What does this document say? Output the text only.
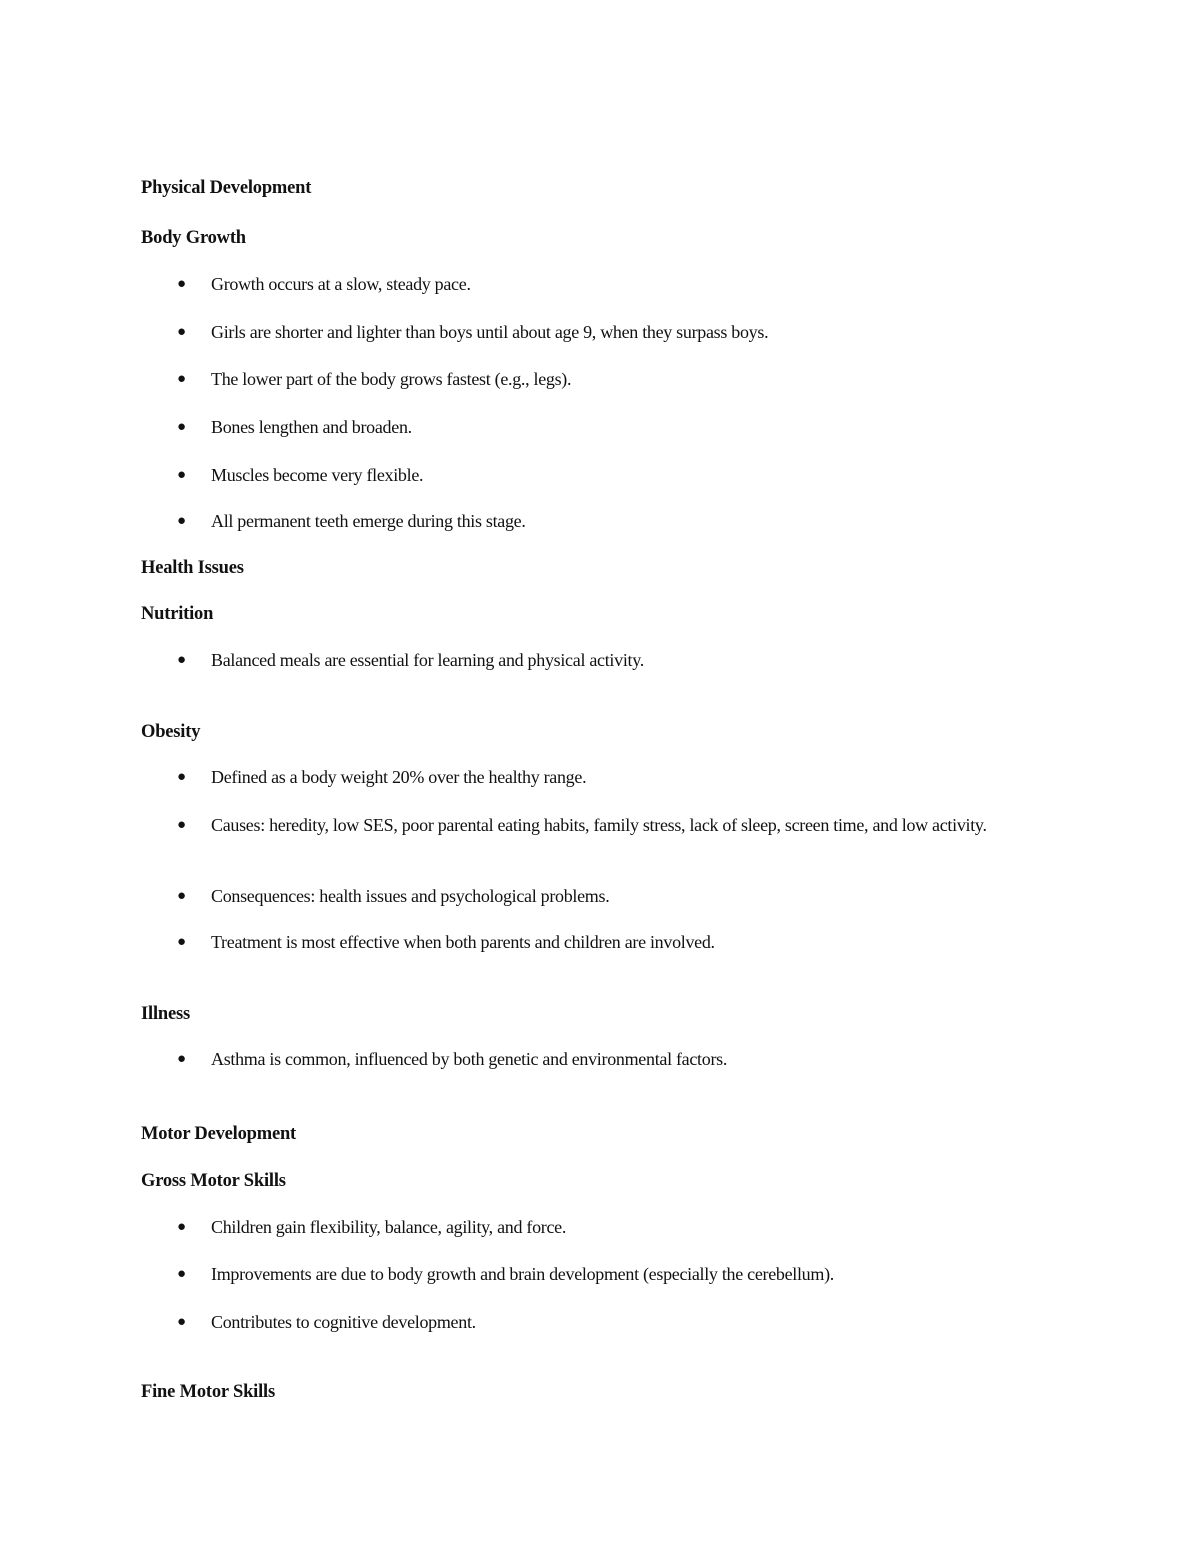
Physical Development
Body Growth
● Growth occurs at a slow, steady pace.
● Girls are shorter and lighter than boys until about age 9, when they surpass boys.
● The lower part of the body grows fastest (e.g., legs).
● Bones lengthen and broaden.
● Muscles become very flexible.
● All permanent teeth emerge during this stage.
Health Issues
Nutrition
● Balanced meals are essential for learning and physical activity.
Obesity
● Defined as a body weight 20% over the healthy range.
● Causes: heredity, low SES, poor parental eating habits, family stress, lack of sleep, screen time, and low activity.
● Consequences: health issues and psychological problems.
● Treatment is most effective when both parents and children are involved.
Illness
● Asthma is common, influenced by both genetic and environmental factors.
Motor Development
Gross Motor Skills
● Children gain flexibility, balance, agility, and force.
● Improvements are due to body growth and brain development (especially the cerebellum).
● Contributes to cognitive development.
Fine Motor Skills
